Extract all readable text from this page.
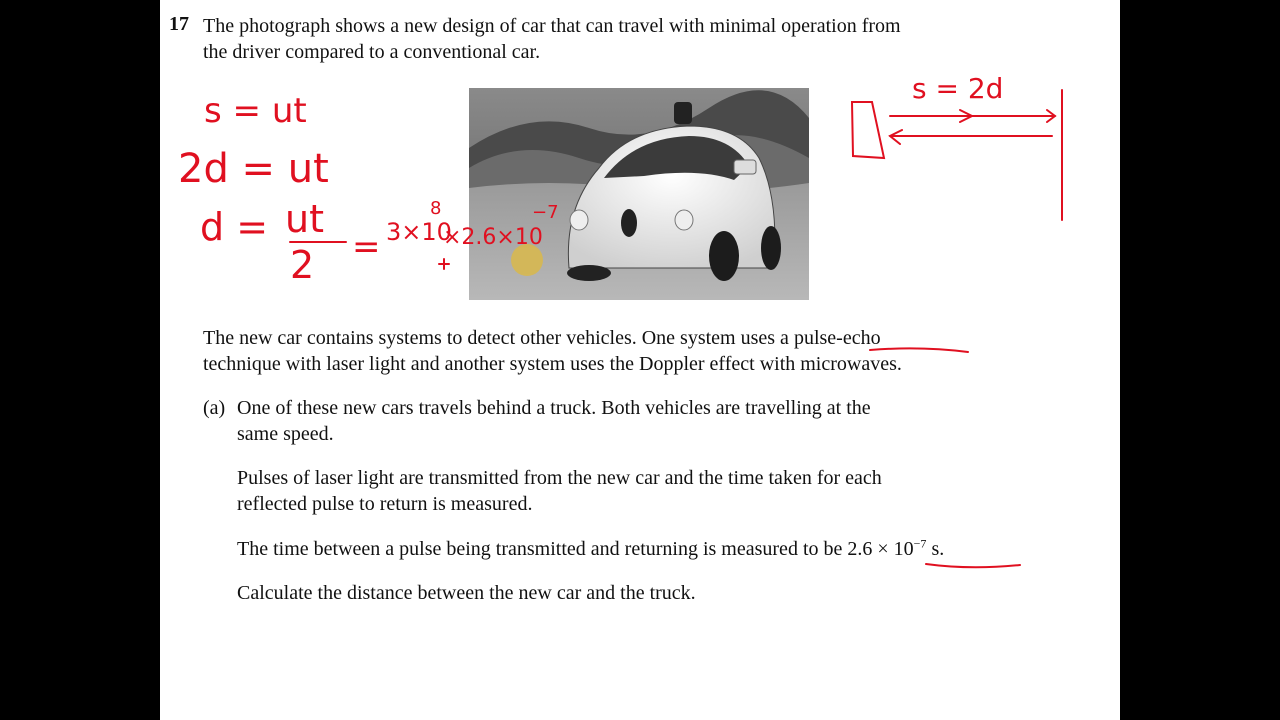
17 The photograph shows a new design of car that can travel with minimal operation from

the driver compared to a conventional car.

The new car contains systems to detect other vehicles. One system uses a pulse-echo

technique with laser light and another system uses the Doppler effect with microwaves.

(a) One of these new cars travels behind a truck. Both vehicles are travelling at the

same speed.

Pulses of laser light are transmitted from the new car and the time taken for each

reflected pulse to return is measured.

The time between a pulse being transmitted and returning is measured to be $2.6 \times 10^{-7}$ s.

Calculate the distance between the new car and the truck.

s = ut
2d = ut
d = ut
2 = 3×10
8
×2.6×10
−7
s = 2d
